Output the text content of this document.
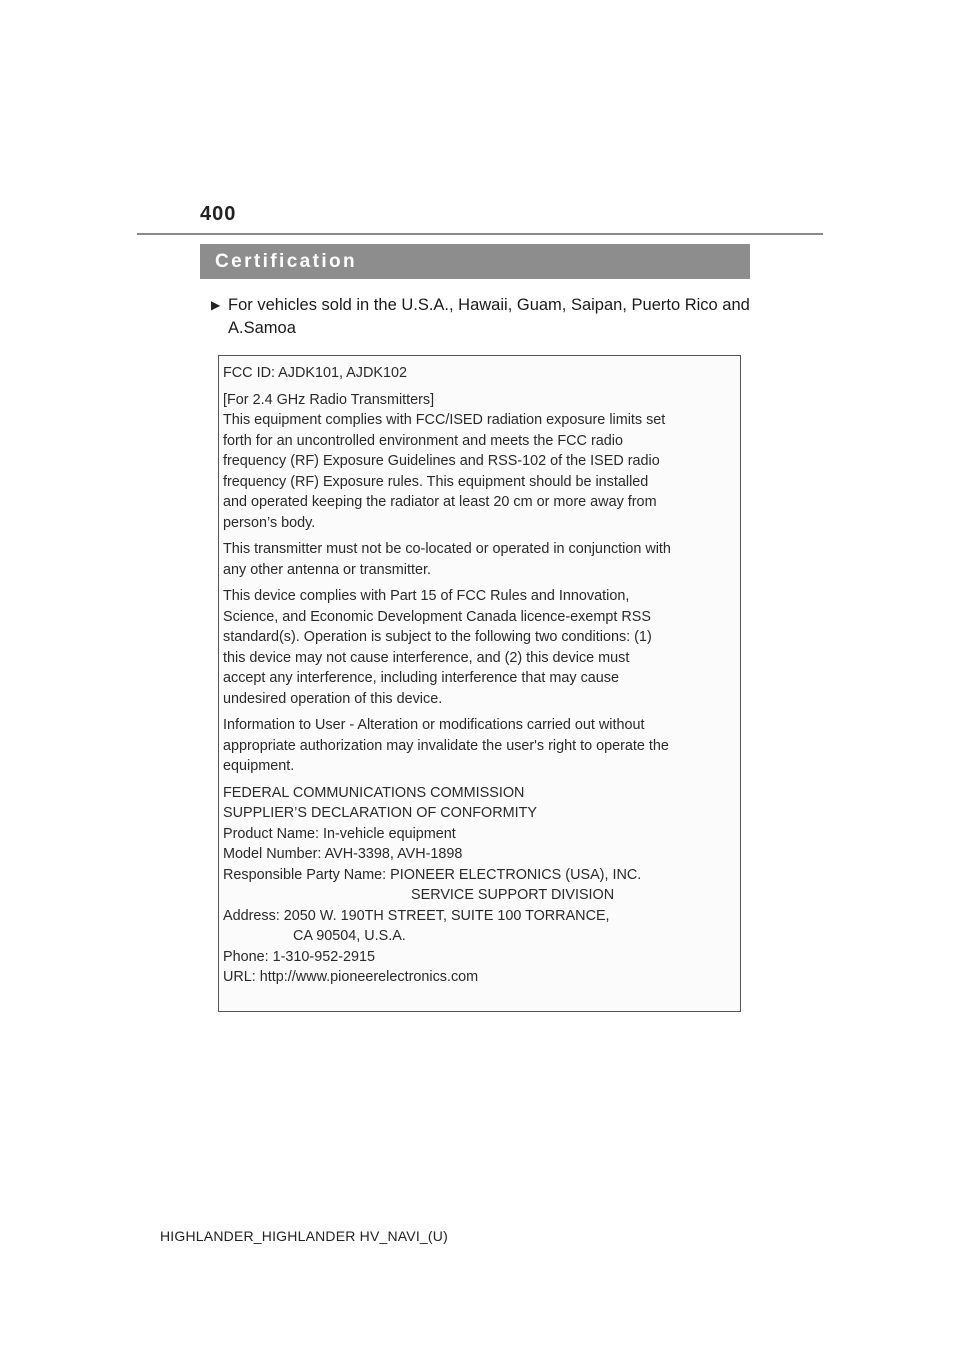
400
Certification
▶ For vehicles sold in the U.S.A., Hawaii, Guam, Saipan, Puerto Rico and A.Samoa
FCC ID: AJDK101, AJDK102
[For 2.4 GHz Radio Transmitters]
This equipment complies with FCC/ISED radiation exposure limits set
forth for an uncontrolled environment and meets the FCC radio
frequency (RF) Exposure Guidelines and RSS-102 of the ISED radio
frequency (RF) Exposure rules. This equipment should be installed
and operated keeping the radiator at least 20 cm or more away from
person’s body.
This transmitter must not be co-located or operated in conjunction with
any other antenna or transmitter.
This device complies with Part 15 of FCC Rules and Innovation,
Science, and Economic Development Canada licence-exempt RSS
standard(s). Operation is subject to the following two conditions: (1)
this device may not cause interference, and (2) this device must
accept any interference, including interference that may cause
undesired operation of this device.
Information to User - Alteration or modifications carried out without
appropriate authorization may invalidate the user's right to operate the
equipment.
FEDERAL COMMUNICATIONS COMMISSION
SUPPLIER’S DECLARATION OF CONFORMITY
Product Name: In-vehicle equipment
Model Number: AVH-3398, AVH-1898
Responsible Party Name: PIONEER ELECTRONICS (USA), INC.
SERVICE SUPPORT DIVISION
Address: 2050 W. 190TH STREET, SUITE 100 TORRANCE,
CA 90504, U.S.A.
Phone: 1-310-952-2915
URL: http://www.pioneerelectronics.com
HIGHLANDER_HIGHLANDER HV_NAVI_(U)
